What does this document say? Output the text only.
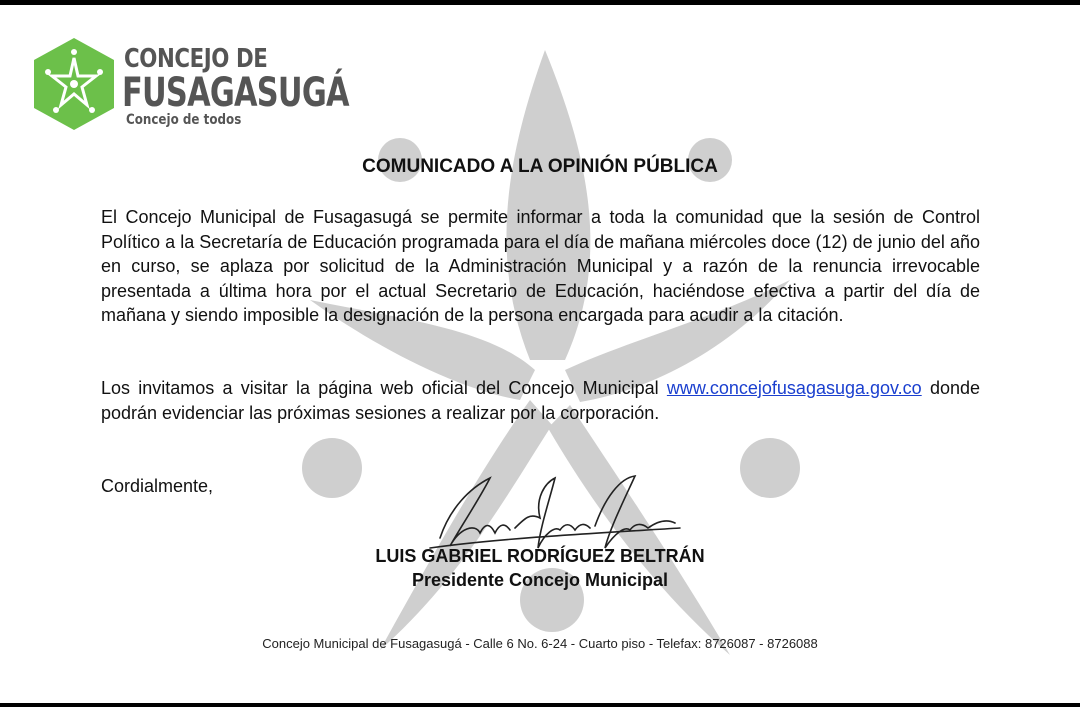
CONCEJO DE
FUSAGASUGÁ
Concejo de todos
COMUNICADO A LA OPINIÓN PÚBLICA
El Concejo Municipal de Fusagasugá se permite informar a toda la comunidad que la sesión de Control Político a la Secretaría de Educación programada para el día de mañana miércoles doce (12) de junio del año en curso, se aplaza por solicitud de la Administración Municipal y a razón de la renuncia irrevocable presentada a última hora por el actual Secretario de Educación, haciéndose efectiva a partir del día de mañana y siendo imposible la designación de la persona encargada para acudir a la citación.
Los invitamos a visitar la página web oficial del Concejo Municipal www.concejofusagasuga.gov.co donde podrán evidenciar las próximas sesiones a realizar por la corporación.
Cordialmente,
LUIS GABRIEL RODRÍGUEZ BELTRÁN
Presidente Concejo Municipal
Concejo Municipal de Fusagasugá - Calle 6 No. 6-24 - Cuarto piso - Telefax: 8726087 - 8726088
